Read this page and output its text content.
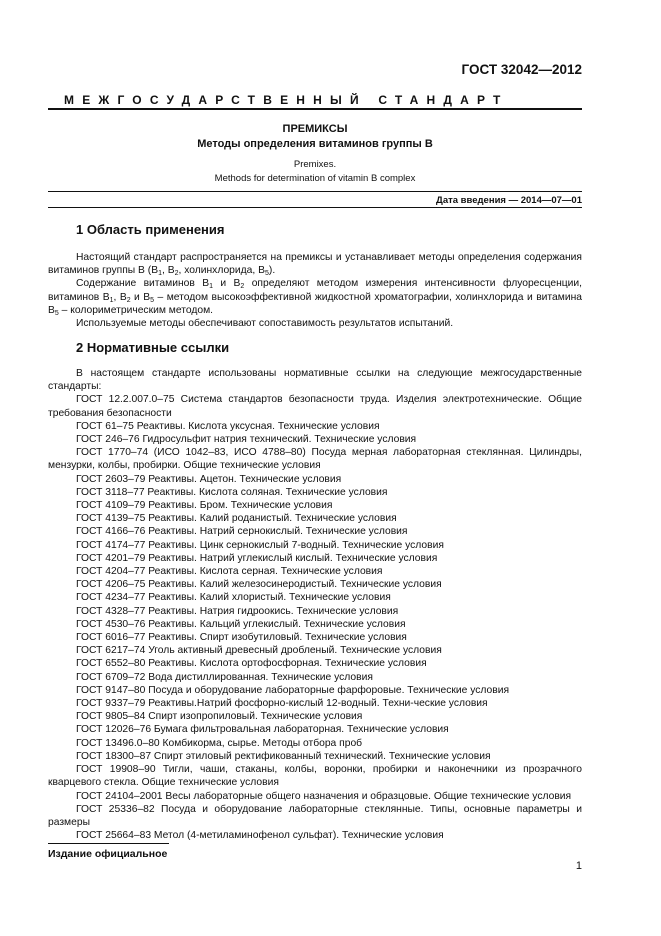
ГОСТ 32042—2012
МЕЖГОСУДАРСТВЕННЫЙ СТАНДАРТ
ПРЕМИКСЫ
Методы определения витаминов группы В
Premixes.
Methods for determination of vitamin B complex
Дата введения — 2014—07—01
1 Область применения

Настоящий стандарт распространяется на премиксы и устанавливает методы определения содержания витаминов группы В ($В_1$, $В_2$, холинхлорида, $В_5$).

Содержание витаминов $В_1$ и $В_2$ определяют методом измерения интенсивности флуоресценции, витаминов $В_1$, $В_2$ и $В_5$ – методом высокоэффективной жидкостной хроматографии, холинхлорида и витамина $В_5$ – колориметрическим методом.

Используемые методы обеспечивают сопоставимость результатов испытаний.

2 Нормативные ссылки

В настоящем стандарте использованы нормативные ссылки на следующие межгосударственные стандарты:

ГОСТ 12.2.007.0–75 Система стандартов безопасности труда. Изделия электротехнические. Общие требования безопасности

ГОСТ 61–75 Реактивы. Кислота уксусная. Технические условия

ГОСТ 246–76 Гидросульфит натрия технический. Технические условия

ГОСТ 1770–74 (ИСО 1042–83, ИСО 4788–80) Посуда мерная лабораторная стеклянная. Цилиндры, мензурки, колбы, пробирки. Общие технические условия

ГОСТ 2603–79 Реактивы. Ацетон. Технические условия

ГОСТ 3118–77 Реактивы. Кислота соляная. Технические условия

ГОСТ 4109–79 Реактивы. Бром. Технические условия

ГОСТ 4139–75 Реактивы. Калий роданистый. Технические условия

ГОСТ 4166–76 Реактивы. Натрий сернокислый. Технические условия

ГОСТ 4174–77 Реактивы. Цинк сернокислый 7-водный. Технические условия

ГОСТ 4201–79 Реактивы. Натрий углекислый кислый. Технические условия

ГОСТ 4204–77 Реактивы. Кислота серная. Технические условия

ГОСТ 4206–75 Реактивы. Калий железосинеродистый. Технические условия

ГОСТ 4234–77 Реактивы. Калий хлористый. Технические условия

ГОСТ 4328–77 Реактивы. Натрия гидроокись. Технические условия

ГОСТ 4530–76 Реактивы. Кальций углекислый. Технические условия

ГОСТ 6016–77 Реактивы. Спирт изобутиловый. Технические условия

ГОСТ 6217–74 Уголь активный древесный дробленый. Технические условия

ГОСТ 6552–80 Реактивы. Кислота ортофосфорная. Технические условия

ГОСТ 6709–72 Вода дистиллированная. Технические условия

ГОСТ 9147–80 Посуда и оборудование лабораторные фарфоровые. Технические условия

ГОСТ 9337–79 Реактивы.Натрий фосфорно-кислый 12-водный. Техни-ческие условия

ГОСТ 9805–84 Спирт изопропиловый. Технические условия

ГОСТ 12026–76 Бумага фильтровальная лабораторная. Технические условия

ГОСТ 13496.0–80 Комбикорма, сырье. Методы отбора проб

ГОСТ 18300–87 Спирт этиловый ректификованный технический. Технические условия

ГОСТ 19908–90 Тигли, чаши, стаканы, колбы, воронки, пробирки и наконечники из прозрачного кварцевого стекла. Общие технические условия

ГОСТ 24104–2001 Весы лабораторные общего назначения и образцовые. Общие технические условия

ГОСТ 25336–82 Посуда и оборудование лабораторные стеклянные. Типы, основные параметры и размеры

ГОСТ 25664–83 Метол (4-метиламинофенол сульфат). Технические условия

Издание официальное
1
